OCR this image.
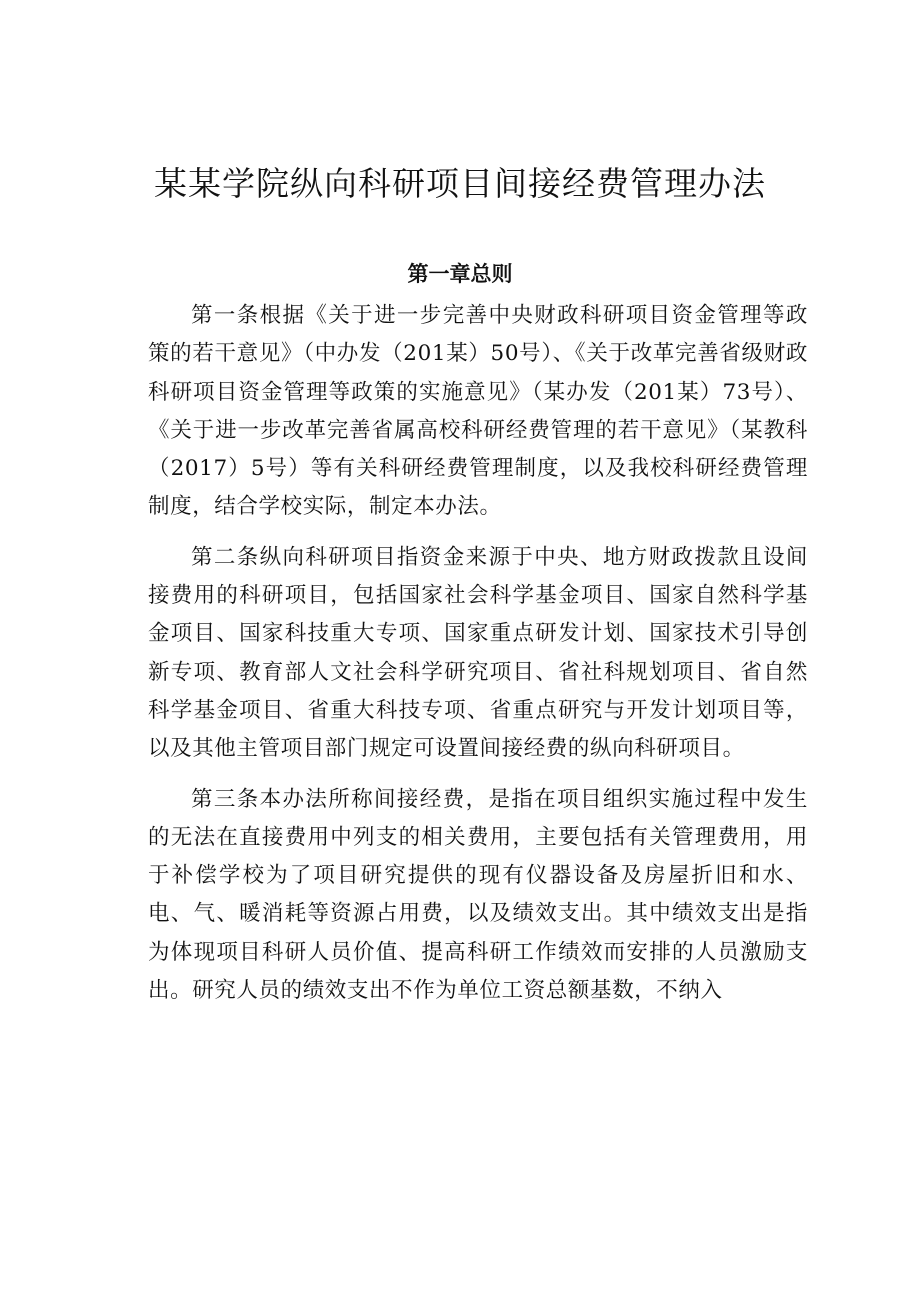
某某学院纵向科研项目间接经费管理办法
第一章总则

第一条根据《关于进一步完善中央财政科研项目资金管理等政策的若干意见》（中办发（201某）50号）、《关于改革完善省级财政科研项目资金管理等政策的实施意见》（某办发（201某）73号）、《关于进一步改革完善省属高校科研经费管理的若干意见》（某教科（2017）5号）等有关科研经费管理制度，以及我校科研经费管理制度，结合学校实际，制定本办法。

第二条纵向科研项目指资金来源于中央、地方财政拨款且设间接费用的科研项目，包括国家社会科学基金项目、国家自然科学基金项目、国家科技重大专项、国家重点研发计划、国家技术引导创新专项、教育部人文社会科学研究项目、省社科规划项目、省自然科学基金项目、省重大科技专项、省重点研究与开发计划项目等，以及其他主管项目部门规定可设置间接经费的纵向科研项目。

第三条本办法所称间接经费，是指在项目组织实施过程中发生的无法在直接费用中列支的相关费用，主要包括有关管理费用，用于补偿学校为了项目研究提供的现有仪器设备及房屋折旧和水、电、气、暖消耗等资源占用费，以及绩效支出。其中绩效支出是指为体现项目科研人员价值、提高科研工作绩效而安排的人员激励支出。研究人员的绩效支出不作为单位工资总额基数，不纳入
